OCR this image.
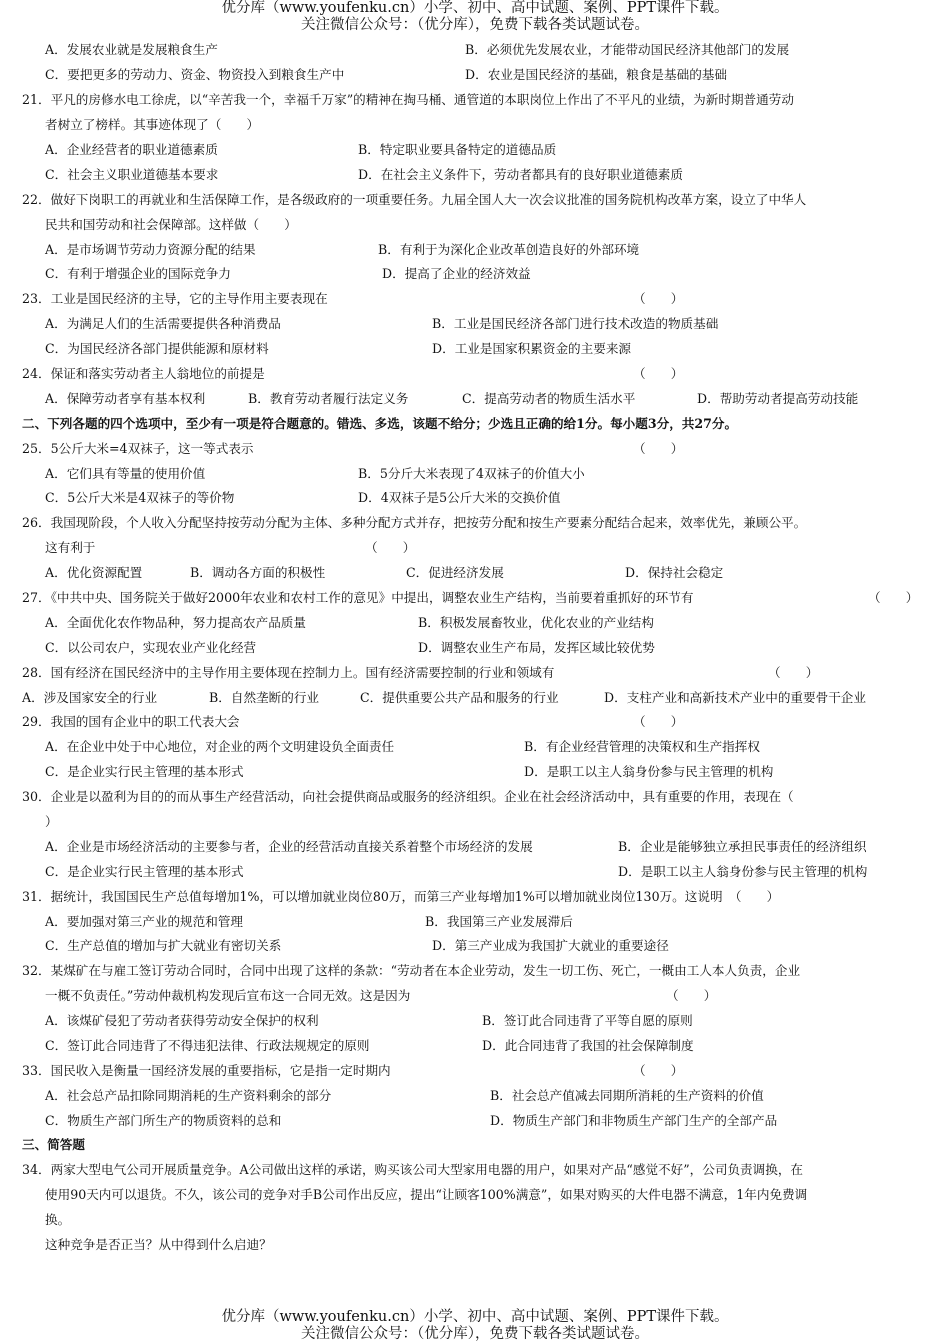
优分库（www.youfenku.cn）小学、初中、高中试题、案例、PPT课件下载。
关注微信公众号：（优分库），免费下载各类试题试卷。
A．发展农业就是发展粮食生产	B．必须优先发展农业，才能带动国民经济其他部门的发展
C．要把更多的劳动力、资金、物资投入到粮食生产中	D．农业是国民经济的基础，粮食是基础的基础
21．平凡的房修水电工徐虎，以“辛苦我一个，幸福千万家”的精神在掏马桶、通管道的本职岗位上作出了不平凡的业绩，为新时期普通劳动
者树立了榜样。其事迹体现了（　　）
A．企业经营者的职业道德素质	B．特定职业要具备特定的道德品质
C．社会主义职业道德基本要求	D．在社会主义条件下，劳动者都具有的良好职业道德素质
22．做好下岗职工的再就业和生活保障工作，是各级政府的一项重要任务。九届全国人大一次会议批准的国务院机构改革方案，设立了中华人
民共和国劳动和社会保障部。这样做（　　）
A．是市场调节劳动力资源分配的结果	B．有利于为深化企业改革创造良好的外部环境
C．有利于增强企业的国际竞争力	D．提高了企业的经济效益
23．工业是国民经济的主导，它的主导作用主要表现在	（　　）
A．为满足人们的生活需要提供各种消费品	B．工业是国民经济各部门进行技术改造的物质基础
C．为国民经济各部门提供能源和原材料	D．工业是国家积累资金的主要来源
24．保证和落实劳动者主人翁地位的前提是	（　　）
A．保障劳动者享有基本权利	B．教育劳动者履行法定义务	C．提高劳动者的物质生活水平	D．帮助劳动者提高劳动技能
二、下列各题的四个选项中，至少有一项是符合题意的。错选、多选，该题不给分；少选且正确的给1分。每小题3分，共27分。
25．5公斤大米=4双袜子，这一等式表示	（　　）
A．它们具有等量的使用价值	B．5分斤大米表现了4双袜子的价值大小
C．5公斤大米是4双袜子的等价物	D．4双袜子是5公斤大米的交换价值
26．我国现阶段，个人收入分配坚持按劳动分配为主体、多种分配方式并存，把按劳分配和按生产要素分配结合起来，效率优先，兼顾公平。
这有利于	（　　）
A．优化资源配置	B．调动各方面的积极性	C．促进经济发展	D．保持社会稳定
27．《中共中央、国务院关于做好2000年农业和农村工作的意见》中提出，调整农业生产结构，当前要着重抓好的环节有	（　　）
A．全面优化农作物品种，努力提高农产品质量	B．积极发展畜牧业，优化农业的产业结构
C．以公司农户，实现农业产业化经营	D．调整农业生产布局，发挥区域比较优势
28．国有经济在国民经济中的主导作用主要体现在控制力上。国有经济需要控制的行业和领域有	（　　）
A．涉及国家安全的行业	B．自然垄断的行业	C．提供重要公共产品和服务的行业	D．支柱产业和高新技术产业中的重要骨干企业
29．我国的国有企业中的职工代表大会	（　　）
A．在企业中处于中心地位，对企业的两个文明建设负全面责任	B．有企业经营管理的决策权和生产指挥权
C．是企业实行民主管理的基本形式	D．是职工以主人翁身份参与民主管理的机构
30．企业是以盈利为目的的而从事生产经营活动，向社会提供商品或服务的经济组织。企业在社会经济活动中，具有重要的作用，表现在（
）
A．企业是市场经济活动的主要参与者，企业的经营活动直接关系着整个市场经济的发展	B．企业是能够独立承担民事责任的经济组织
C．是企业实行民主管理的基本形式	D．是职工以主人翁身份参与民主管理的机构
31．据统计，我国国民生产总值每增加1%，可以增加就业岗位80万，而第三产业每增加1%可以增加就业岗位130万。这说明　（　　）
A．要加强对第三产业的规范和管理	B．我国第三产业发展滞后
C．生产总值的增加与扩大就业有密切关系	D．第三产业成为我国扩大就业的重要途径
32．某煤矿在与雇工签订劳动合同时，合同中出现了这样的条款：“劳动者在本企业劳动，发生一切工伤、死亡，一概由工人本人负责，企业
一概不负责任。”劳动仲裁机构发现后宣布这一合同无效。这是因为	（　　）
A．该煤矿侵犯了劳动者获得劳动安全保护的权利	B．签订此合同违背了平等自愿的原则
C．签订此合同违背了不得违犯法律、行政法规规定的原则	D．此合同违背了我国的社会保障制度
33．国民收入是衡量一国经济发展的重要指标，它是指一定时期内	（　　）
A．社会总产品扣除同期消耗的生产资料剩余的部分	B．社会总产值减去同期所消耗的生产资料的价值
C．物质生产部门所生产的物质资料的总和	D．物质生产部门和非物质生产部门生产的全部产品
三、简答题
34．两家大型电气公司开展质量竞争。A公司做出这样的承诺，购买该公司大型家用电器的用户，如果对产品“感觉不好”，公司负责调换，在
使用90天内可以退货。不久，该公司的竞争对手B公司作出反应，提出“让顾客100%满意”，如果对购买的大件电器不满意，1年内免费调
换。
这种竞争是否正当？从中得到什么启迪？
优分库（www.youfenku.cn）小学、初中、高中试题、案例、PPT课件下载。
关注微信公众号：（优分库），免费下载各类试题试卷。
